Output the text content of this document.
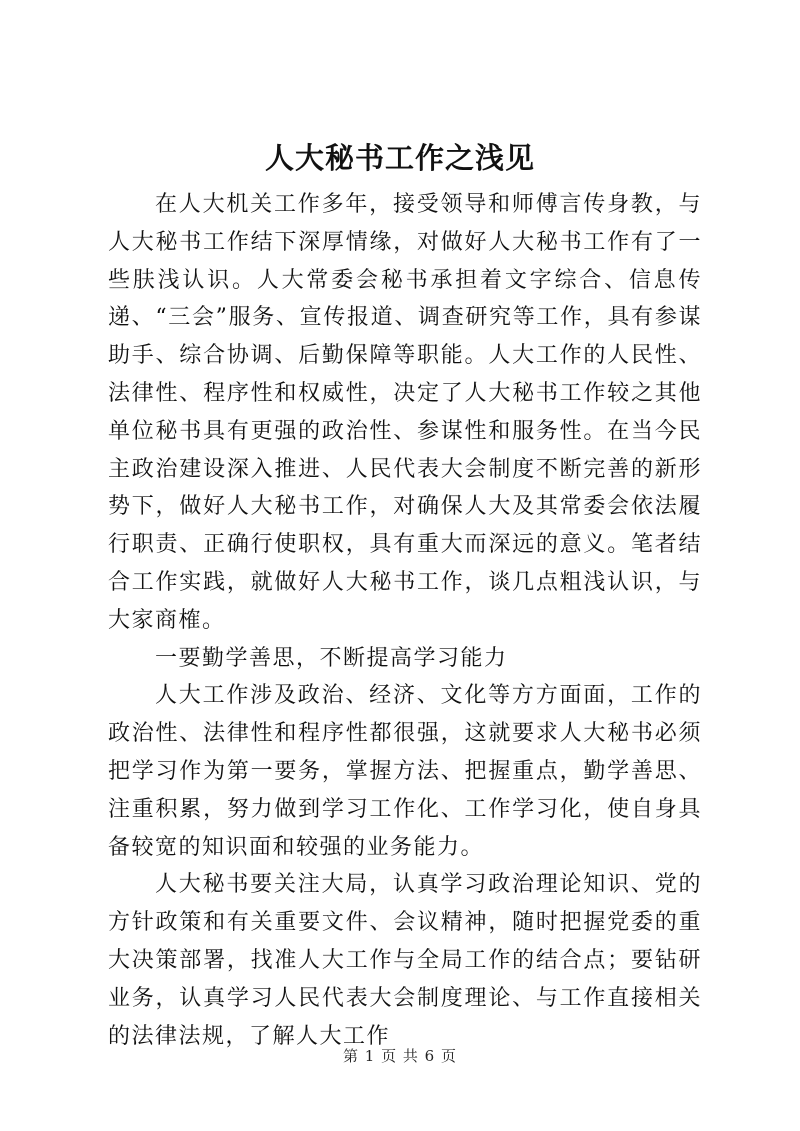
人大秘书工作之浅见

在人大机关工作多年，接受领导和师傅言传身教，与人大秘书工作结下深厚情缘，对做好人大秘书工作有了一些肤浅认识。人大常委会秘书承担着文字综合、信息传递、“三会”服务、宣传报道、调查研究等工作，具有参谋助手、综合协调、后勤保障等职能。人大工作的人民性、法律性、程序性和权威性，决定了人大秘书工作较之其他单位秘书具有更强的政治性、参谋性和服务性。在当今民主政治建设深入推进、人民代表大会制度不断完善的新形势下，做好人大秘书工作，对确保人大及其常委会依法履行职责、正确行使职权，具有重大而深远的意义。笔者结合工作实践，就做好人大秘书工作，谈几点粗浅认识，与大家商榷。

一要勤学善思，不断提高学习能力

人大工作涉及政治、经济、文化等方方面面，工作的政治性、法律性和程序性都很强，这就要求人大秘书必须把学习作为第一要务，掌握方法、把握重点，勤学善思、注重积累，努力做到学习工作化、工作学习化，使自身具备较宽的知识面和较强的业务能力。

人大秘书要关注大局，认真学习政治理论知识、党的方针政策和有关重要文件、会议精神，随时把握党委的重大决策部署，找准人大工作与全局工作的结合点；要钻研业务，认真学习人民代表大会制度理论、与工作直接相关的法律法规，了解人大工作

第 1 页 共 6 页
